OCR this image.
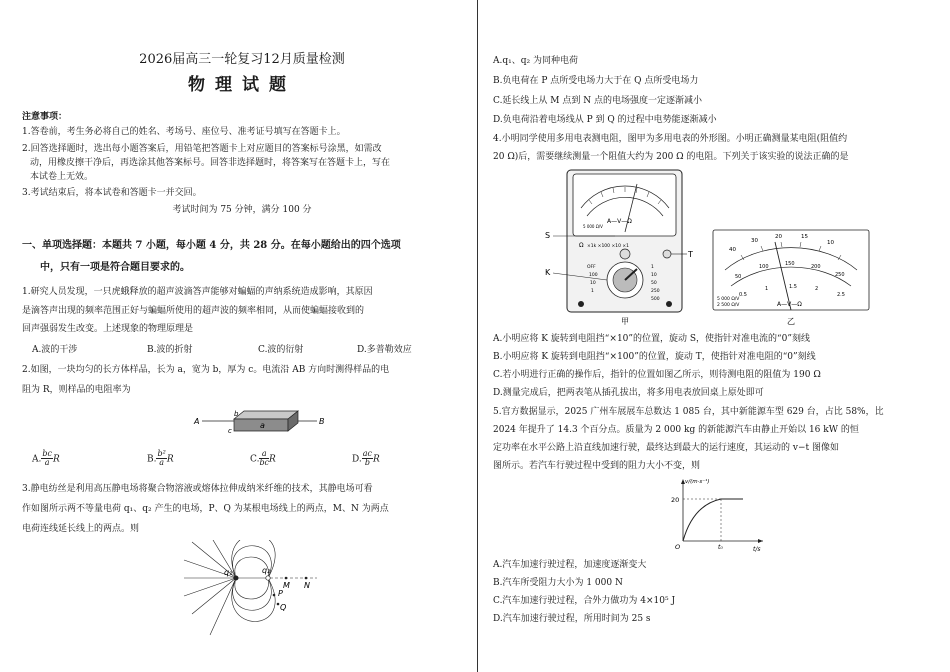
2026届高三一轮复习12月质量检测
物理试题
注意事项：
1.答卷前，考生务必将自己的姓名、考场号、座位号、准考证号填写在答题卡上。
2.回答选择题时，选出每小题答案后，用铅笔把答题卡上对应题目的答案标号涂黑，如需改
动，用橡皮擦干净后，再选涂其他答案标号。回答非选择题时，将答案写在答题卡上，写在
本试卷上无效。
3.考试结束后，将本试卷和答题卡一并交回。
考试时间为 75 分钟，满分 100 分
一、单项选择题：本题共 7 小题，每小题 4 分，共 28 分。在每小题给出的四个选项
中，只有一项是符合题目要求的。
1.研究人员发现，一只虎蛾释放的超声波滴答声能够对蝙蝠的声纳系统造成影响，其原因
是滴答声出现的频率范围正好与蝙蝠所使用的超声波的频率相同，从而使蝙蝠接收到的
回声强弱发生改变。上述现象的物理原理是
A.波的干涉	B.波的折射	C.波的衍射	D.多普勒效应
2.如图，一块均匀的长方体样品，长为 a，宽为 b，厚为 c。电流沿 AB 方向时测得样品的电
阻为 R，则样品的电阻率为
A	B
a
b
c
A. $\frac{bc}{a}$ R	B. $\frac{\text{b²}}{a}$ R	C. $\frac{a}{bc}$ R	D. $\frac{ac}{b}$ R
3.静电纺丝是利用高压静电场将聚合物溶液或熔体拉伸成纳米纤维的技术，其静电场可看
作如图所示两不等量电荷 q₁、q₂ 产生的电场，P、Q 为某根电场线上的两点，M、N 为两点
电荷连线延长线上的两点。则
q₁	q₂
M N
P
Q
A.q₁、q₂ 为同种电荷
B.负电荷在 P 点所受电场力大于在 Q 点所受电场力
C.延长线上从 M 点到 N 点的电场强度一定逐渐减小
D.负电荷沿着电场线从 P 到 Q 的过程中电势能逐渐减小
4.小明同学使用多用电表测电阻，图甲为多用电表的外形图。小明正确测量某电阻(阻值约
20 Ω)后，需要继续测量一个阻值大约为 200 Ω 的电阻。下列关于该实验的说法正确的是
A—V—Ω
5 000 Ω/V
×1k ×100 ×10 ×1
Ω
OFF
100
10
1
1
10
50
250
500
S
K
T
甲
40
30
20	15
10
50
100	150	200
250
0.5
1	1.5	2
2.5
A—V—Ω
5 000 Ω/V
2 500 Ω/V
乙
A.小明应将 K 旋转到电阻挡“×10”的位置，旋动 S，使指针对准电流的“0”刻线
B.小明应将 K 旋转到电阻挡“×100”的位置，旋动 T，使指针对准电阻的“0”刻线
C.若小明进行正确的操作后，指针的位置如图乙所示，则待测电阻的阻值为 190 Ω
D.测量完成后，把两表笔从插孔拔出，将多用电表放回桌上原处即可
5.官方数据显示，2025 广州车展展车总数达 1 085 台，其中新能源车型 629 台，占比 58%，比
2024 年提升了 14.3 个百分点。质量为 2 000 kg 的新能源汽车由静止开始以 16 kW 的恒
定功率在水平公路上沿直线加速行驶，最终达到最大的运行速度，其运动的 v−t 图像如
图所示。若汽车行驶过程中受到的阻力大小不变，则
v/(m·s⁻¹)
t/s
20
O	t₀
A.汽车加速行驶过程，加速度逐渐变大
B.汽车所受阻力大小为 1 000 N
C.汽车加速行驶过程，合外力做功为 4×10⁵ J
D.汽车加速行驶过程，所用时间为 25 s
